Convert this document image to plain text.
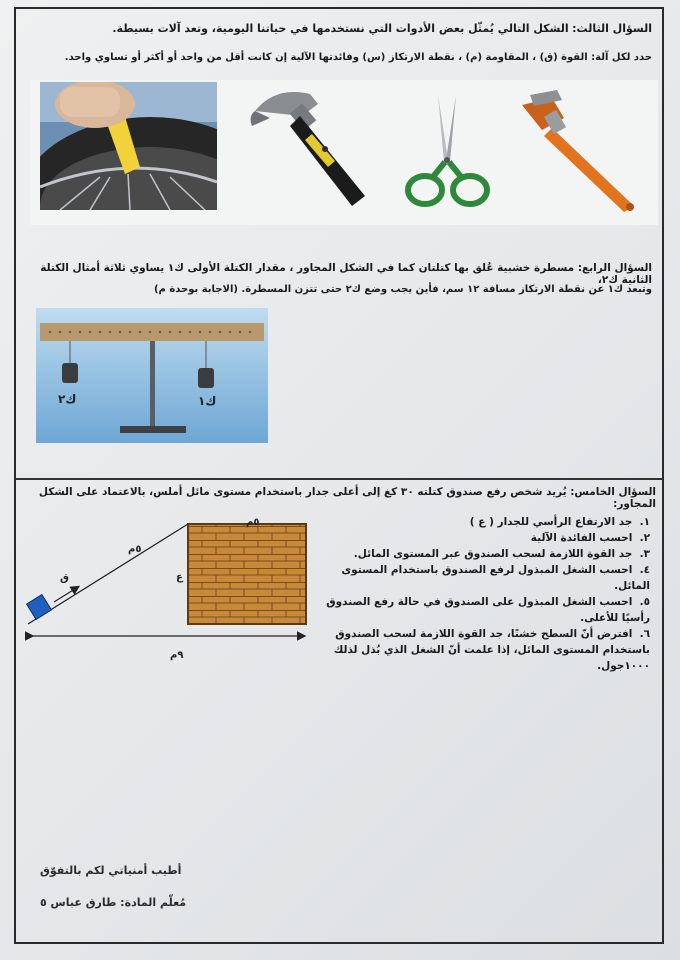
السؤال الثالث: الشكل التالي يُمثّل بعض الأدوات التي نستخدمها في حياتنا اليومية، وتعد آلات بسيطة.
حدد لكل آلة: القوة (ق) ، المقاومة (م) ، نقطة الارتكاز (س) وفائدتها الآلية إن كانت أقل من واحد أو أكثر أو تساوي واحد.
السؤال الرابع: مسطرة خشبية عُلق بها كتلتان كما في الشكل المجاور ، مقدار الكتلة الأولى ك١ يساوي ثلاثة أمثال الكتلة الثانية ك٢،
وتبعد ك١ عن نقطة الارتكاز مسافة ١٢ سم، فأين يجب وضع ك٢ حتى تتزن المسطرة. (الاجابة بوحدة م)
ك٢	ك١
السؤال الخامس: يُريد شخص رفع صندوق كتلته ٣٠ كغ إلى أعلى جدار باستخدام مستوى مائل أملس، بالاعتماد على الشكل المجاور:
١. جد الارتفاع الرأسي للجدار ( ع )
٢. احسب الفائدة الآلية
٣. جد القوة اللازمة لسحب الصندوق عبر المستوى المائل.
٤. احسب الشغل المبذول لرفع الصندوق باستخدام المستوى المائل.
٥. احسب الشغل المبذول على الصندوق في حالة رفع الصندوق رأسيًا للأعلى.
٦. افترض أنّ السطح خشنًا، جد القوة اللازمة لسحب الصندوق باستخدام المستوى المائل، إذا علمت أنّ الشغل الذي بُذل لذلك ١٠٠٠جول.
٥م
٥م
ع
٩م
ق
أطيب أمنياتي لكم بالتفوّق
مُعلّم المادة: طارق عباس ٥
